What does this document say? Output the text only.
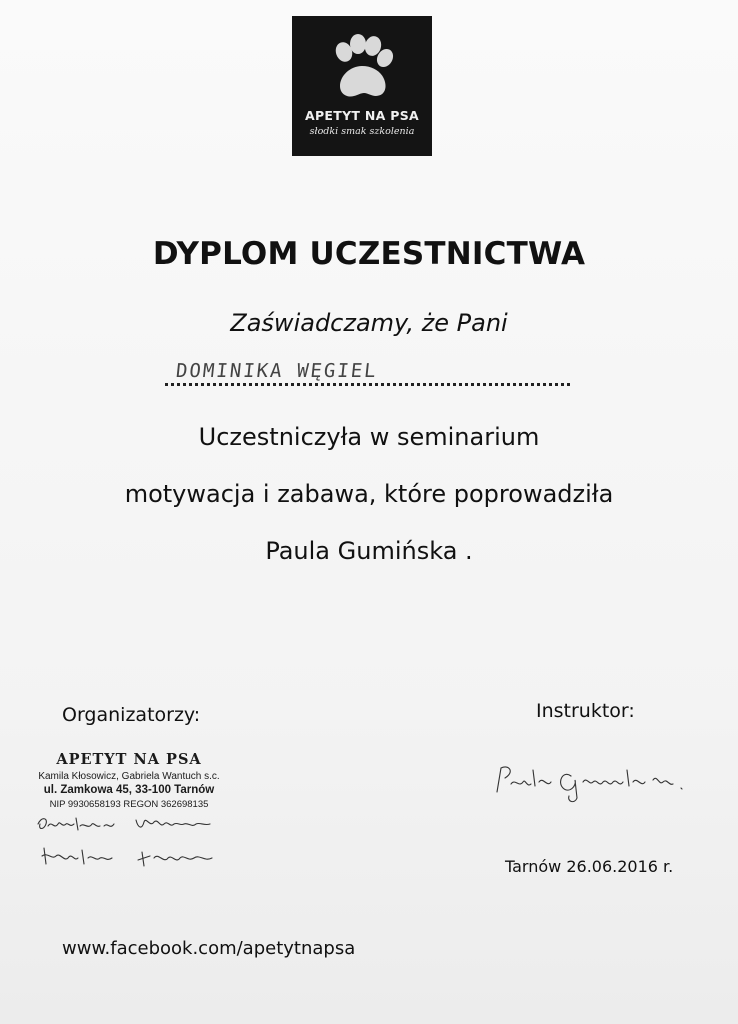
APETYT NA PSA
słodki smak szkolenia
DYPLOM UCZESTNICTWA
Zaświadczamy, że Pani
DOMINIKA WĘGIEL
Uczestniczyła w seminarium
motywacja i zabawa, które poprowadziła
Paula Gumińska .
Organizatorzy:	Instruktor:
APETYT NA PSA
Kamila Kłosowicz, Gabriela Wantuch s.c.
ul. Zamkowa 45, 33-100 Tarnów
NIP 9930658193 REGON 362698135
Tarnów 26.06.2016 r.
www.facebook.com/apetytnapsa
